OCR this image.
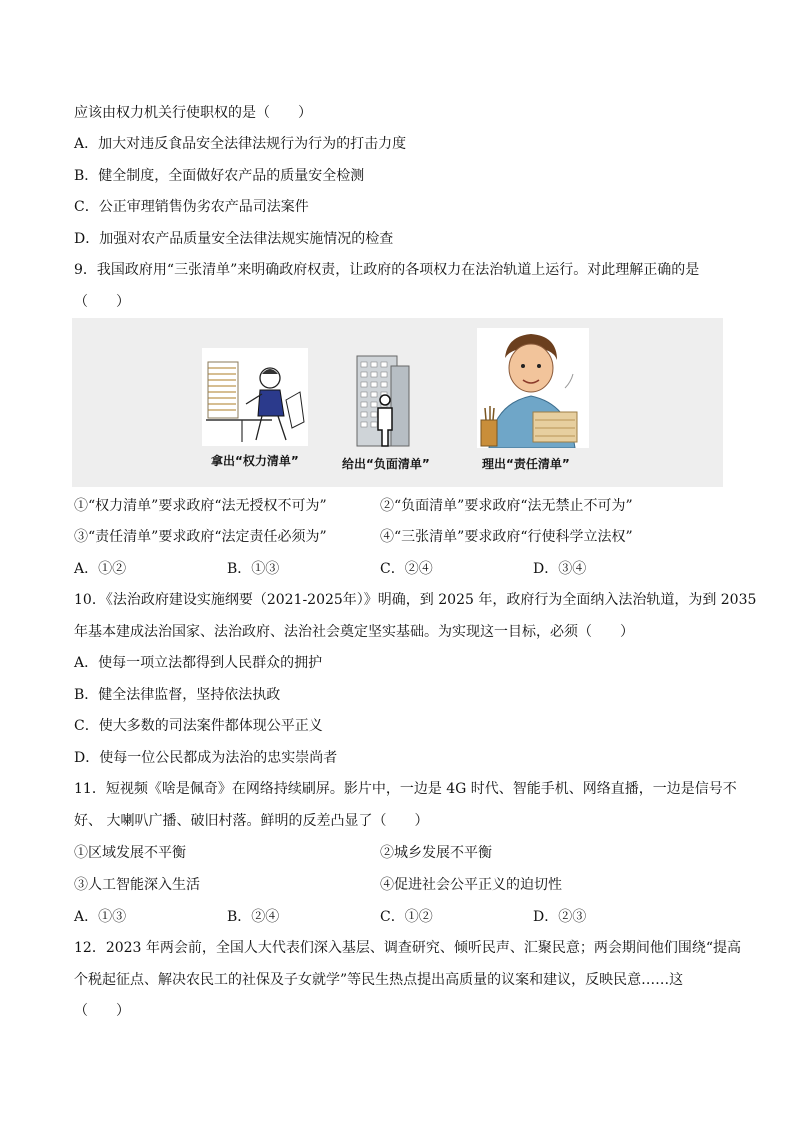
应该由权力机关行使职权的是（　　）
A．加大对违反食品安全法律法规行为行为的打击力度
B．健全制度，全面做好农产品的质量安全检测
C．公正审理销售伪劣农产品司法案件
D．加强对农产品质量安全法律法规实施情况的检查
9．我国政府用“三张清单”来明确政府权责，让政府的各项权力在法治轨道上运行。对此理解正确的是
（　　）
拿出“权力清单”	给出“负面清单”	理出“责任清单”
①“权力清单”要求政府“法无授权不可为”	②“负面清单”要求政府“法无禁止不可为”
③“责任清单”要求政府“法定责任必须为”	④“三张清单”要求政府“行使科学立法权”
A．①②	B．①③	C．②④	D．③④
10．《法治政府建设实施纲要（2021-2025年）》明确，到 2025 年，政府行为全面纳入法治轨道，为到 2035
年基本建成法治国家、法治政府、法治社会奠定坚实基础。为实现这一目标，必须（　　）
A．使每一项立法都得到人民群众的拥护
B．健全法律监督，坚持依法执政
C．使大多数的司法案件都体现公平正义
D．使每一位公民都成为法治的忠实崇尚者
11．短视频《啥是佩奇》在网络持续刷屏。影片中，一边是 4G 时代、智能手机、网络直播，一边是信号不
好、 大喇叭广播、破旧村落。鲜明的反差凸显了（　　）
①区域发展不平衡	②城乡发展不平衡
③人工智能深入生活	④促进社会公平正义的迫切性
A．①③	B．②④	C．①②	D．②③
12．2023 年两会前，全国人大代表们深入基层、调查研究、倾听民声、汇聚民意；两会期间他们围绕“提高
个税起征点、解决农民工的社保及子女就学”等民生热点提出高质量的议案和建议，反映民意……这
（　　）
